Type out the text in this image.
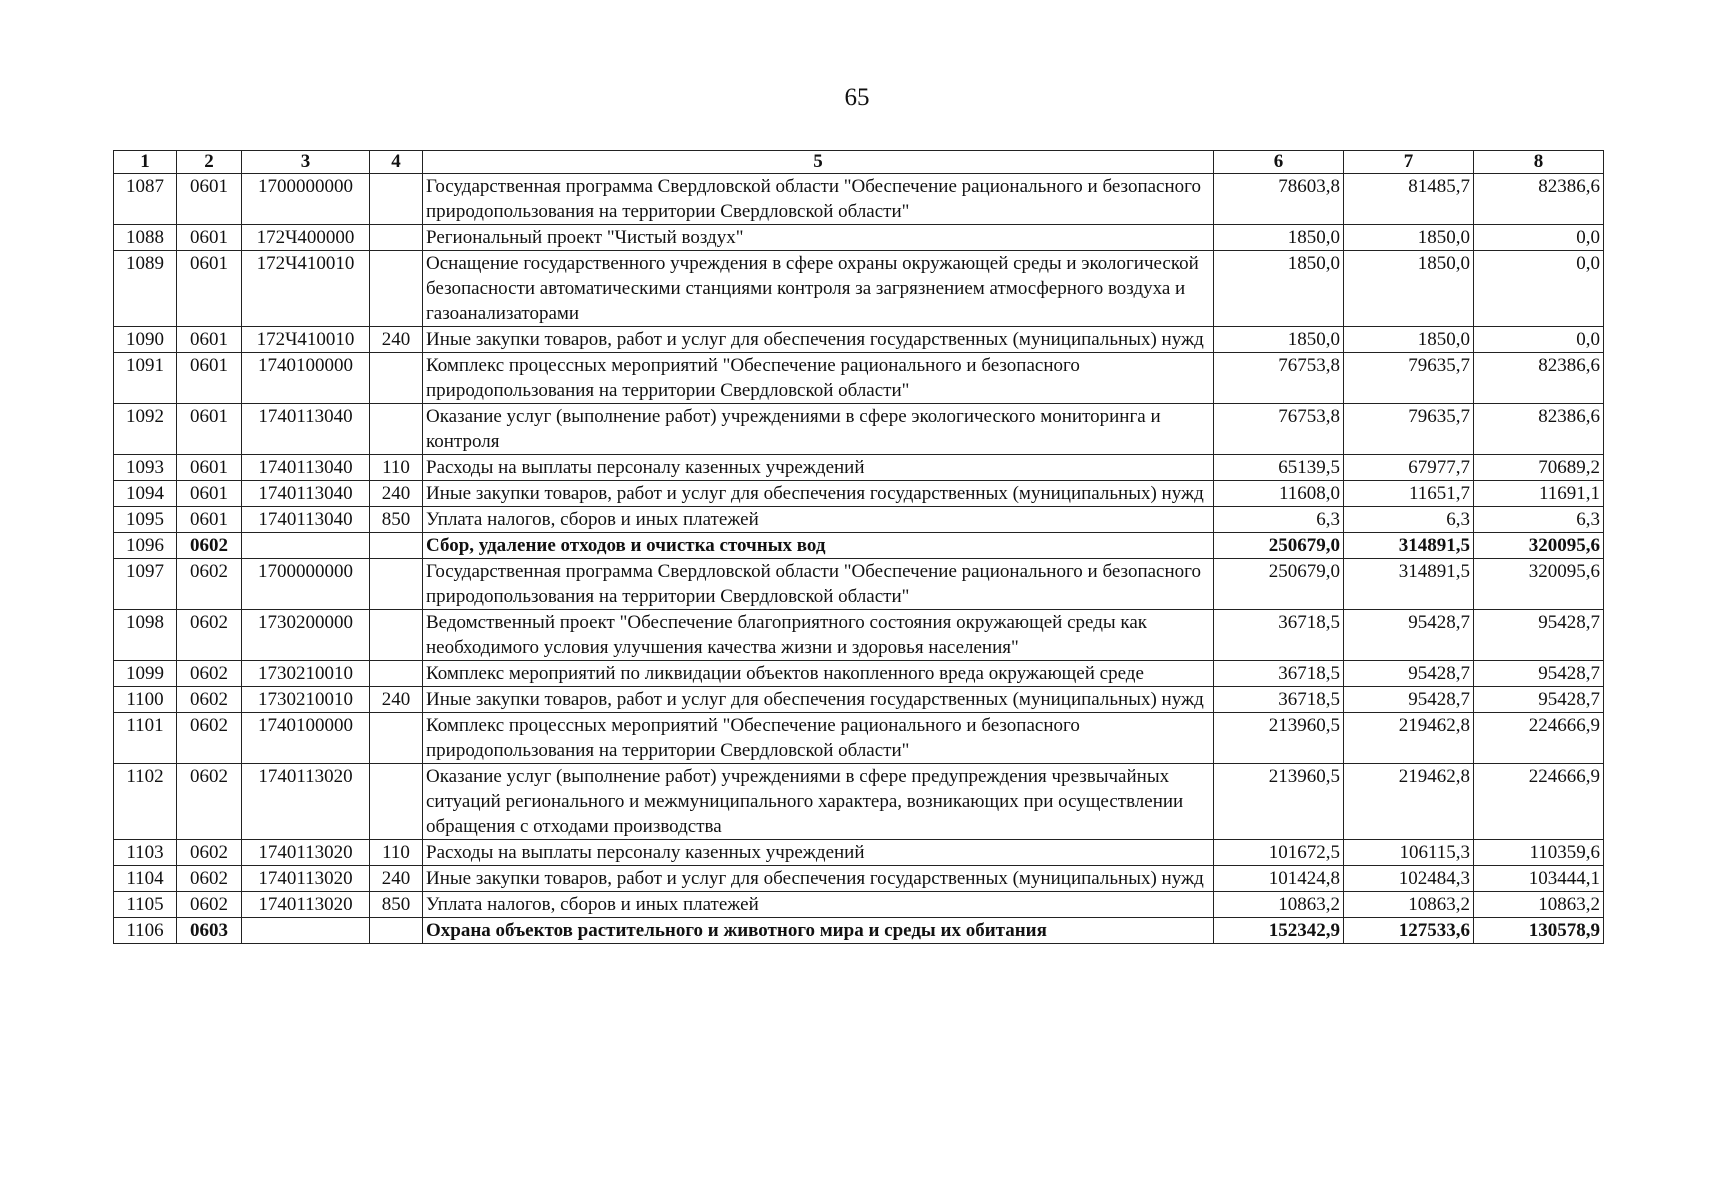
65
1	2	3	4	5	6	7	8
1087	0601	1700000000		Государственная программа Свердловской области "Обеспечение рационального и безопасного природопользования на территории Свердловской области"	78603,8	81485,7	82386,6
1088	0601	172Ч400000		Региональный проект "Чистый воздух"	1850,0	1850,0	0,0
1089	0601	172Ч410010		Оснащение государственного учреждения в сфере охраны окружающей среды и экологической безопасности автоматическими станциями контроля за загрязнением атмосферного воздуха и газоанализаторами	1850,0	1850,0	0,0
1090	0601	172Ч410010	240	Иные закупки товаров, работ и услуг для обеспечения государственных (муниципальных) нужд	1850,0	1850,0	0,0
1091	0601	1740100000		Комплекс процессных мероприятий "Обеспечение рационального и безопасного природопользования на территории Свердловской области"	76753,8	79635,7	82386,6
1092	0601	1740113040		Оказание услуг (выполнение работ) учреждениями в сфере экологического мониторинга и контроля	76753,8	79635,7	82386,6
1093	0601	1740113040	110	Расходы на выплаты персоналу казенных учреждений	65139,5	67977,7	70689,2
1094	0601	1740113040	240	Иные закупки товаров, работ и услуг для обеспечения государственных (муниципальных) нужд	11608,0	11651,7	11691,1
1095	0601	1740113040	850	Уплата налогов, сборов и иных платежей	6,3	6,3	6,3
1096	0602			Сбор, удаление отходов и очистка сточных вод	250679,0	314891,5	320095,6
1097	0602	1700000000		Государственная программа Свердловской области "Обеспечение рационального и безопасного природопользования на территории Свердловской области"	250679,0	314891,5	320095,6
1098	0602	1730200000		Ведомственный проект "Обеспечение благоприятного состояния окружающей среды как необходимого условия улучшения качества жизни и здоровья населения"	36718,5	95428,7	95428,7
1099	0602	1730210010		Комплекс мероприятий по ликвидации объектов накопленного вреда окружающей среде	36718,5	95428,7	95428,7
1100	0602	1730210010	240	Иные закупки товаров, работ и услуг для обеспечения государственных (муниципальных) нужд	36718,5	95428,7	95428,7
1101	0602	1740100000		Комплекс процессных мероприятий "Обеспечение рационального и безопасного природопользования на территории Свердловской области"	213960,5	219462,8	224666,9
1102	0602	1740113020		Оказание услуг (выполнение работ) учреждениями в сфере предупреждения чрезвычайных ситуаций регионального и межмуниципального характера, возникающих при осуществлении обращения с отходами производства	213960,5	219462,8	224666,9
1103	0602	1740113020	110	Расходы на выплаты персоналу казенных учреждений	101672,5	106115,3	110359,6
1104	0602	1740113020	240	Иные закупки товаров, работ и услуг для обеспечения государственных (муниципальных) нужд	101424,8	102484,3	103444,1
1105	0602	1740113020	850	Уплата налогов, сборов и иных платежей	10863,2	10863,2	10863,2
1106	0603			Охрана объектов растительного и животного мира и среды их обитания	152342,9	127533,6	130578,9
